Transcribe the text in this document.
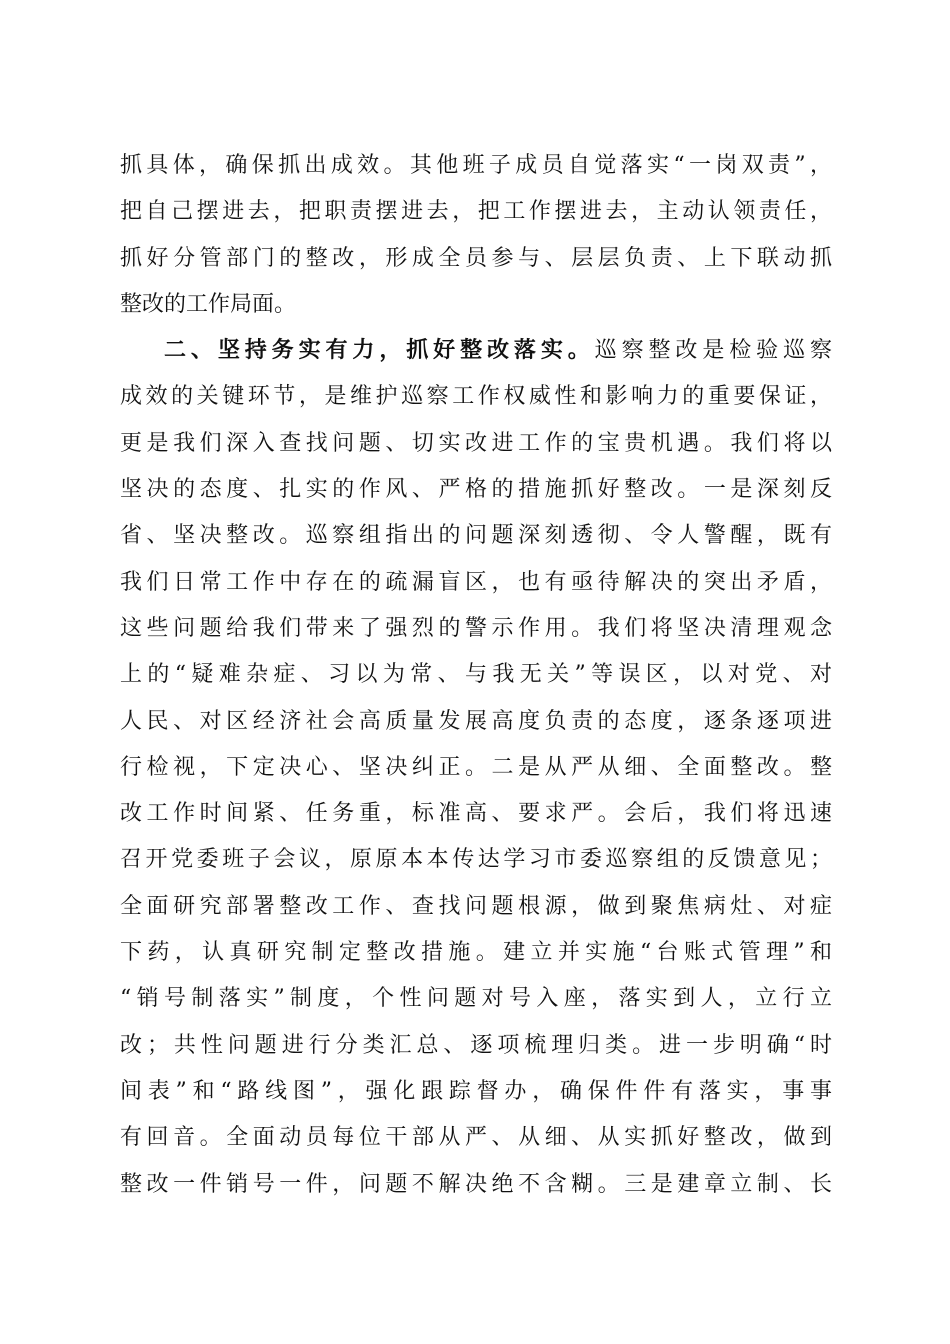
抓具体，确保抓出成效。其他班子成员自觉落实“一岗双责”，
把自己摆进去，把职责摆进去，把工作摆进去，主动认领责任，
抓好分管部门的整改，形成全员参与、层层负责、上下联动抓
整改的工作局面。
二、坚持务实有力，抓好整改落实。巡察整改是检验巡察
成效的关键环节，是维护巡察工作权威性和影响力的重要保证，
更是我们深入查找问题、切实改进工作的宝贵机遇。我们将以
坚决的态度、扎实的作风、严格的措施抓好整改。一是深刻反
省、坚决整改。巡察组指出的问题深刻透彻、令人警醒，既有
我们日常工作中存在的疏漏盲区，也有亟待解决的突出矛盾，
这些问题给我们带来了强烈的警示作用。我们将坚决清理观念
上的“疑难杂症、习以为常、与我无关”等误区，以对党、对
人民、对区经济社会高质量发展高度负责的态度，逐条逐项进
行检视，下定决心、坚决纠正。二是从严从细、全面整改。整
改工作时间紧、任务重，标准高、要求严。会后，我们将迅速
召开党委班子会议，原原本本传达学习市委巡察组的反馈意见；
全面研究部署整改工作、查找问题根源，做到聚焦病灶、对症
下药，认真研究制定整改措施。建立并实施“台账式管理”和
“销号制落实”制度，个性问题对号入座，落实到人，立行立
改；共性问题进行分类汇总、逐项梳理归类。进一步明确“时
间表”和“路线图”，强化跟踪督办，确保件件有落实，事事
有回音。全面动员每位干部从严、从细、从实抓好整改，做到
整改一件销号一件，问题不解决绝不含糊。三是建章立制、长
